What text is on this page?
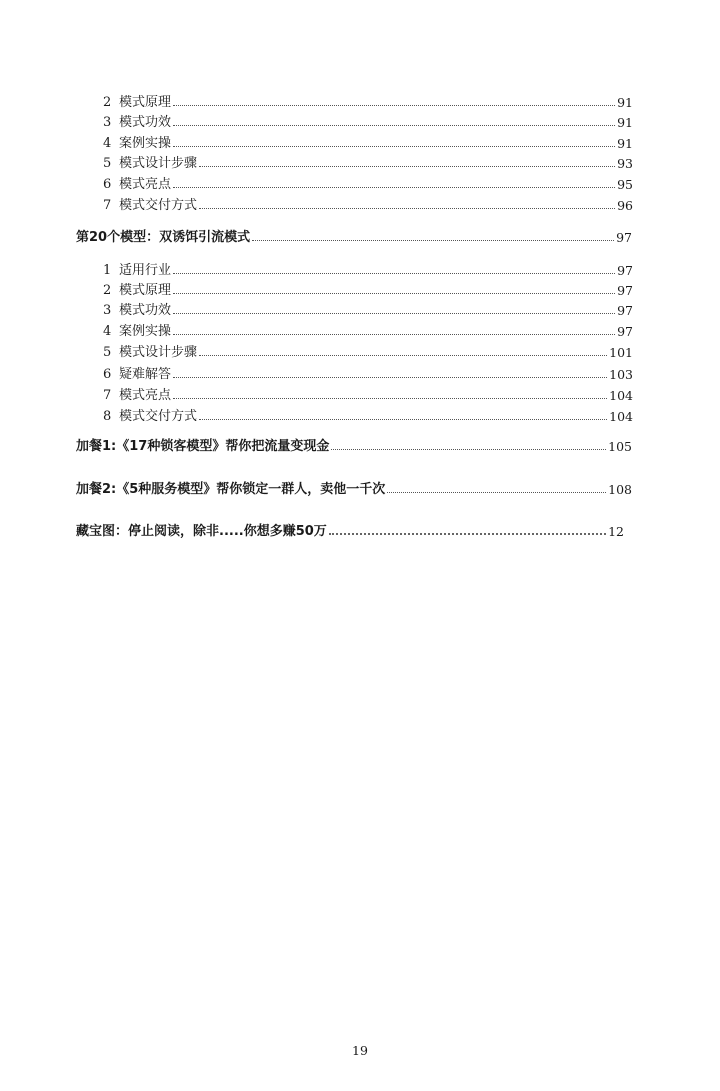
2 模式原理	91
3 模式功效	91
4 案例实操	91
5 模式设计步骤	93
6 模式亮点	95
7 模式交付方式	96
第20个模型：双诱饵引流模式	97
1 适用行业	97
2 模式原理	97
3 模式功效	97
4 案例实操	97
5 模式设计步骤	101
6 疑难解答	103
7 模式亮点	104
8 模式交付方式	104
加餐1:《17种锁客模型》帮你把流量变现金	105
加餐2:《5种服务模型》帮你锁定一群人，卖他一千次	108
藏宝图：停止阅读，除非.....你想多赚50万	12
19
